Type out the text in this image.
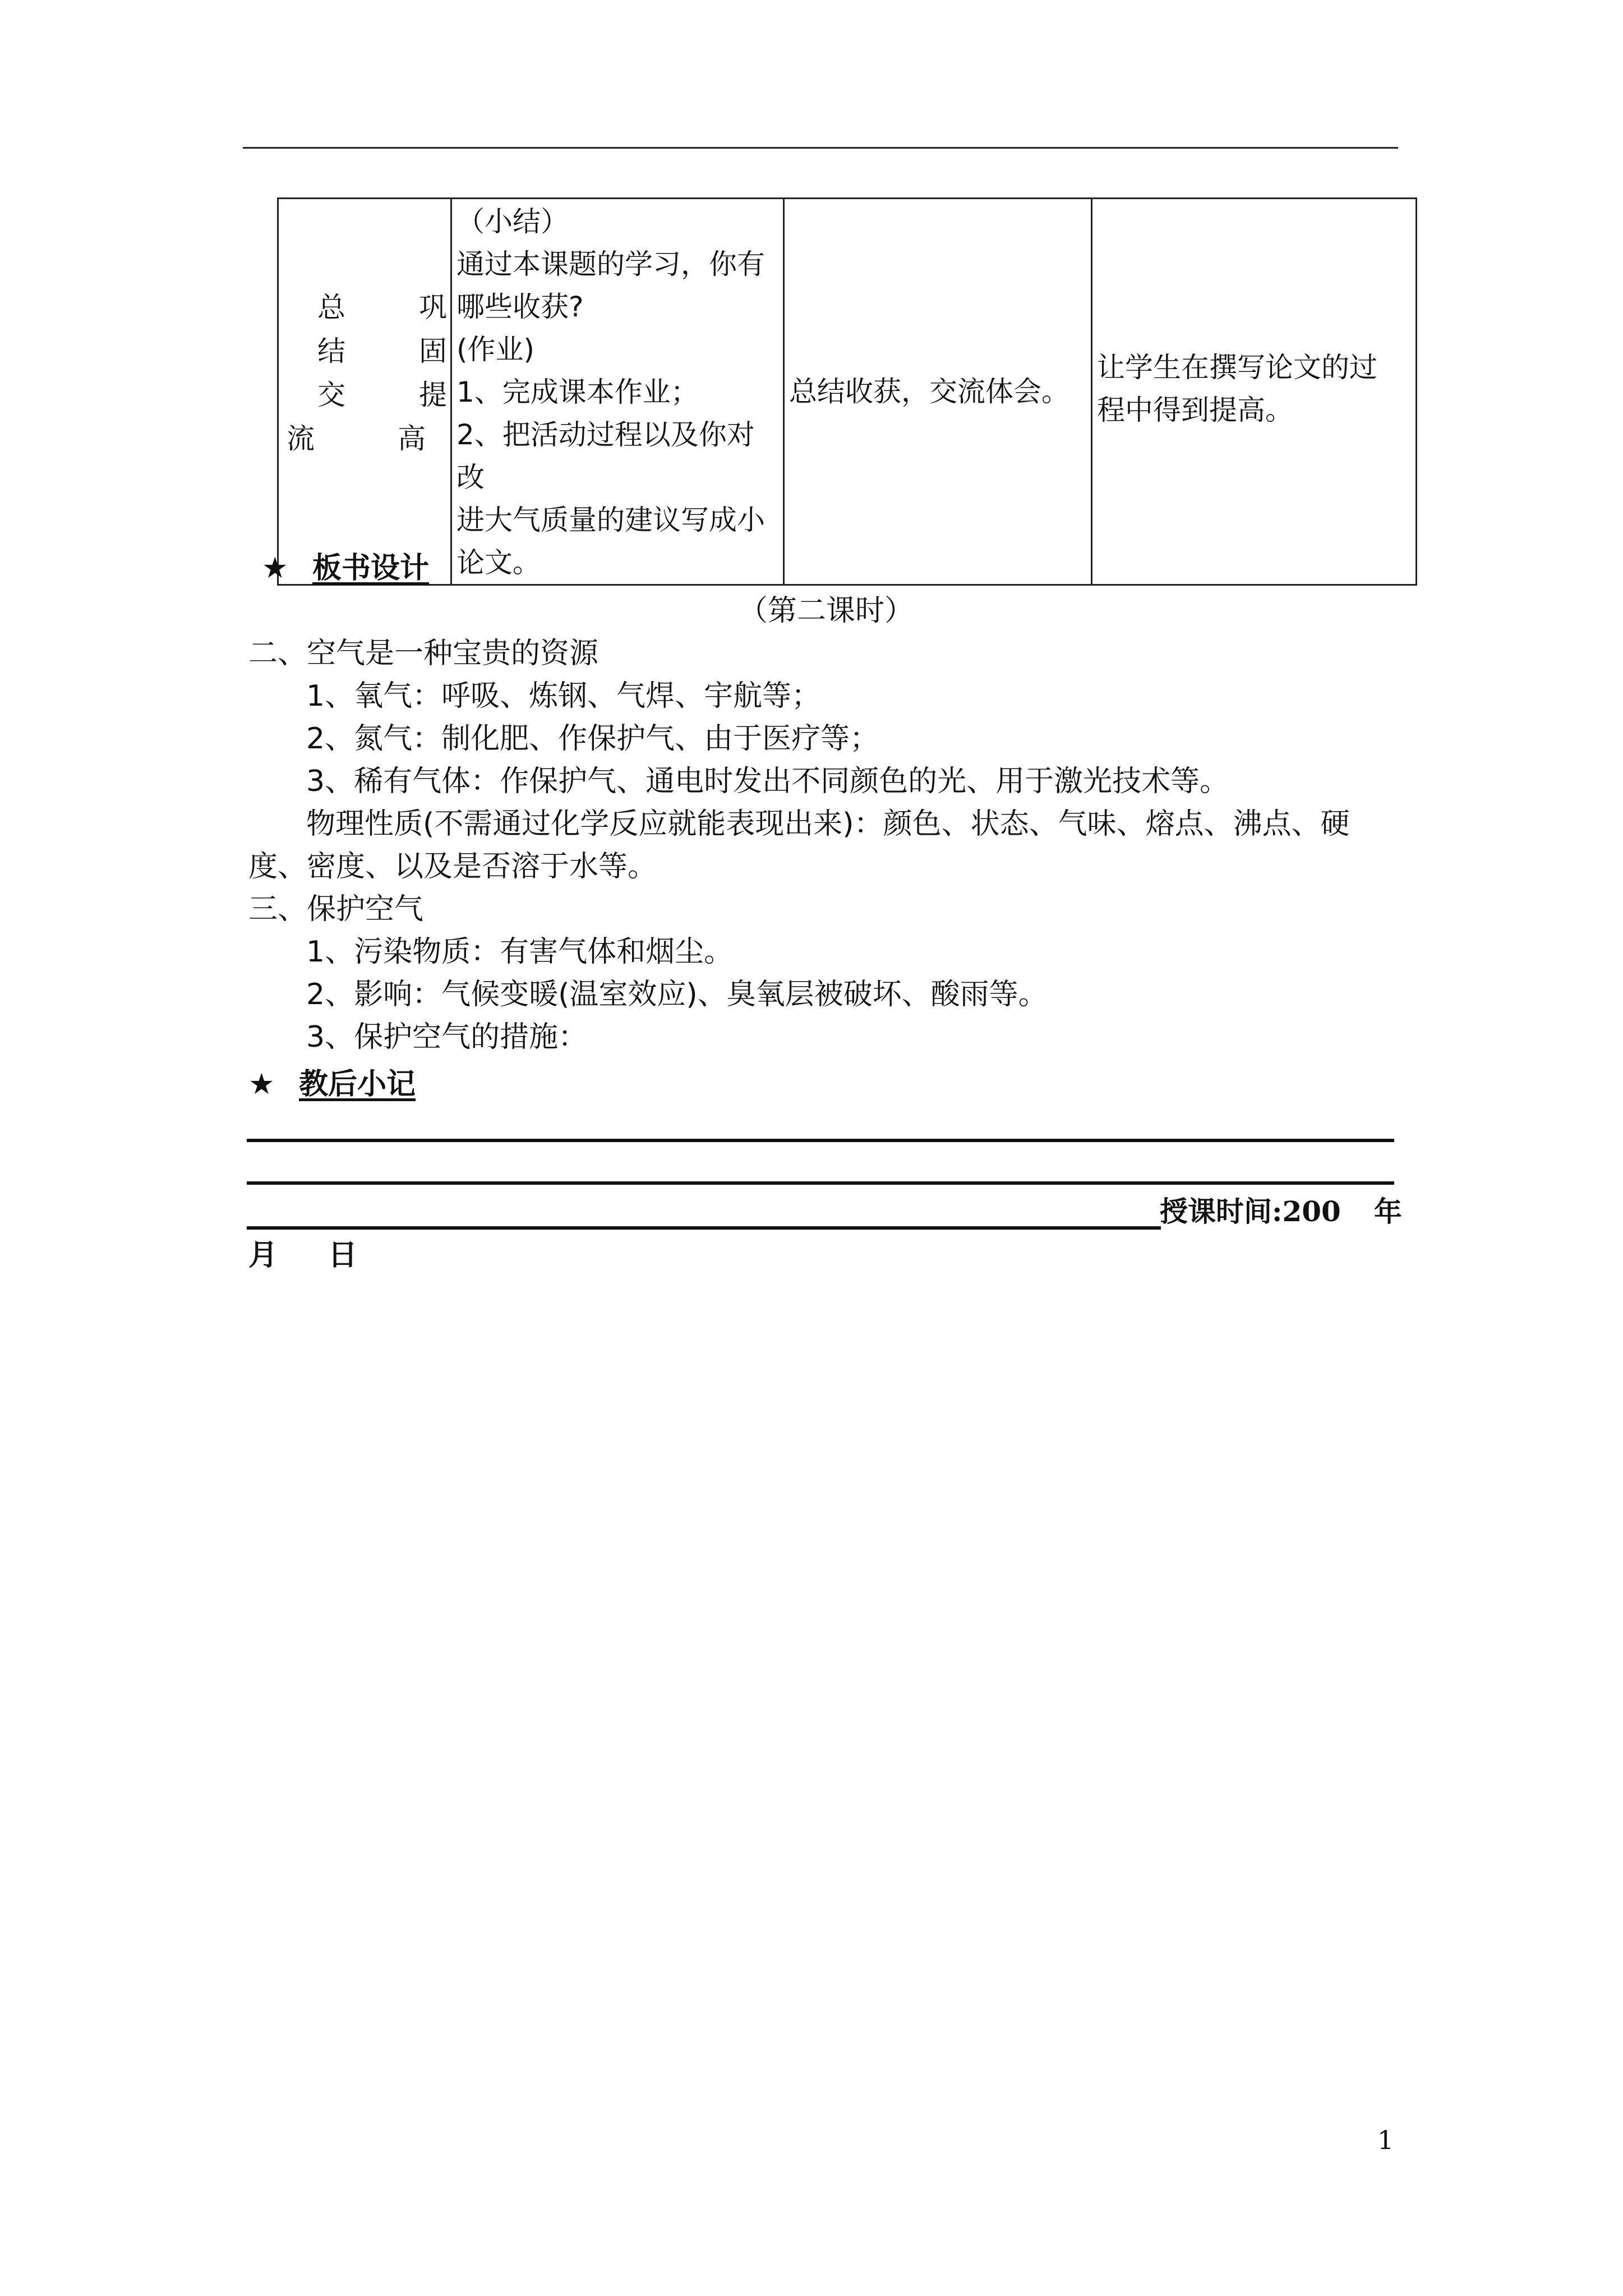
总	巩
结	固
交	提
流	高

（小结）
通过本课题的学习，你有
哪些收获?
(作业)
1、完成课本作业；
2、把活动过程以及你对改
进大气质量的建议写成小
论文。

总结收获，交流体会。

让学生在撰写论文的过
程中得到提高。
★ 板书设计
（第二课时）
二、空气是一种宝贵的资源
1、氧气：呼吸、炼钢、气焊、宇航等；
2、氮气：制化肥、作保护气、由于医疗等；
3、稀有气体：作保护气、通电时发出不同颜色的光、用于激光技术等。
物理性质(不需通过化学反应就能表现出来)：颜色、状态、气味、熔点、沸点、硬度、密度、以及是否溶于水等。
三、保护空气
1、污染物质：有害气体和烟尘。
2、影响：气候变暖(温室效应)、臭氧层被破坏、酸雨等。
3、保护空气的措施：
★ 教后小记
授课时间:200 年
月 日
1
